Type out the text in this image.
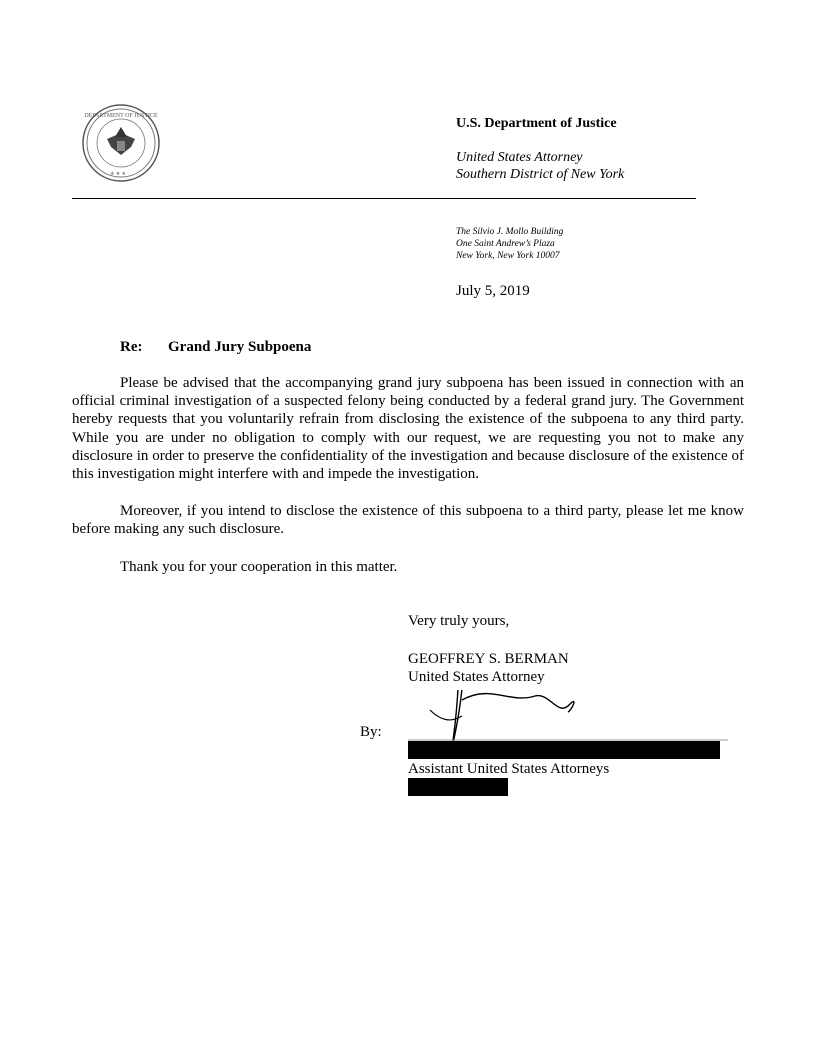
DEPARTMENT OF JUSTICE
★ ★ ★
U.S. Department of Justice
United States Attorney
Southern District of New York
The Silvio J. Mollo Building
One Saint Andrew’s Plaza
New York, New York 10007
July 5, 2019
Re: Grand Jury Subpoena

Please be advised that the accompanying grand jury subpoena has been issued in connection with an official criminal investigation of a suspected felony being conducted by a federal grand jury. The Government hereby requests that you voluntarily refrain from disclosing the existence of the subpoena to any third party. While you are under no obligation to comply with our request, we are requesting you not to make any disclosure in order to preserve the confidentiality of the investigation and because disclosure of the existence of this investigation might interfere with and impede the investigation.

Moreover, if you intend to disclose the existence of this subpoena to a third party, please let me know before making any such disclosure.

Thank you for your cooperation in this matter.

Very truly yours,
GEOFFREY S. BERMAN
United States Attorney
By:
Assistant United States Attorneys
